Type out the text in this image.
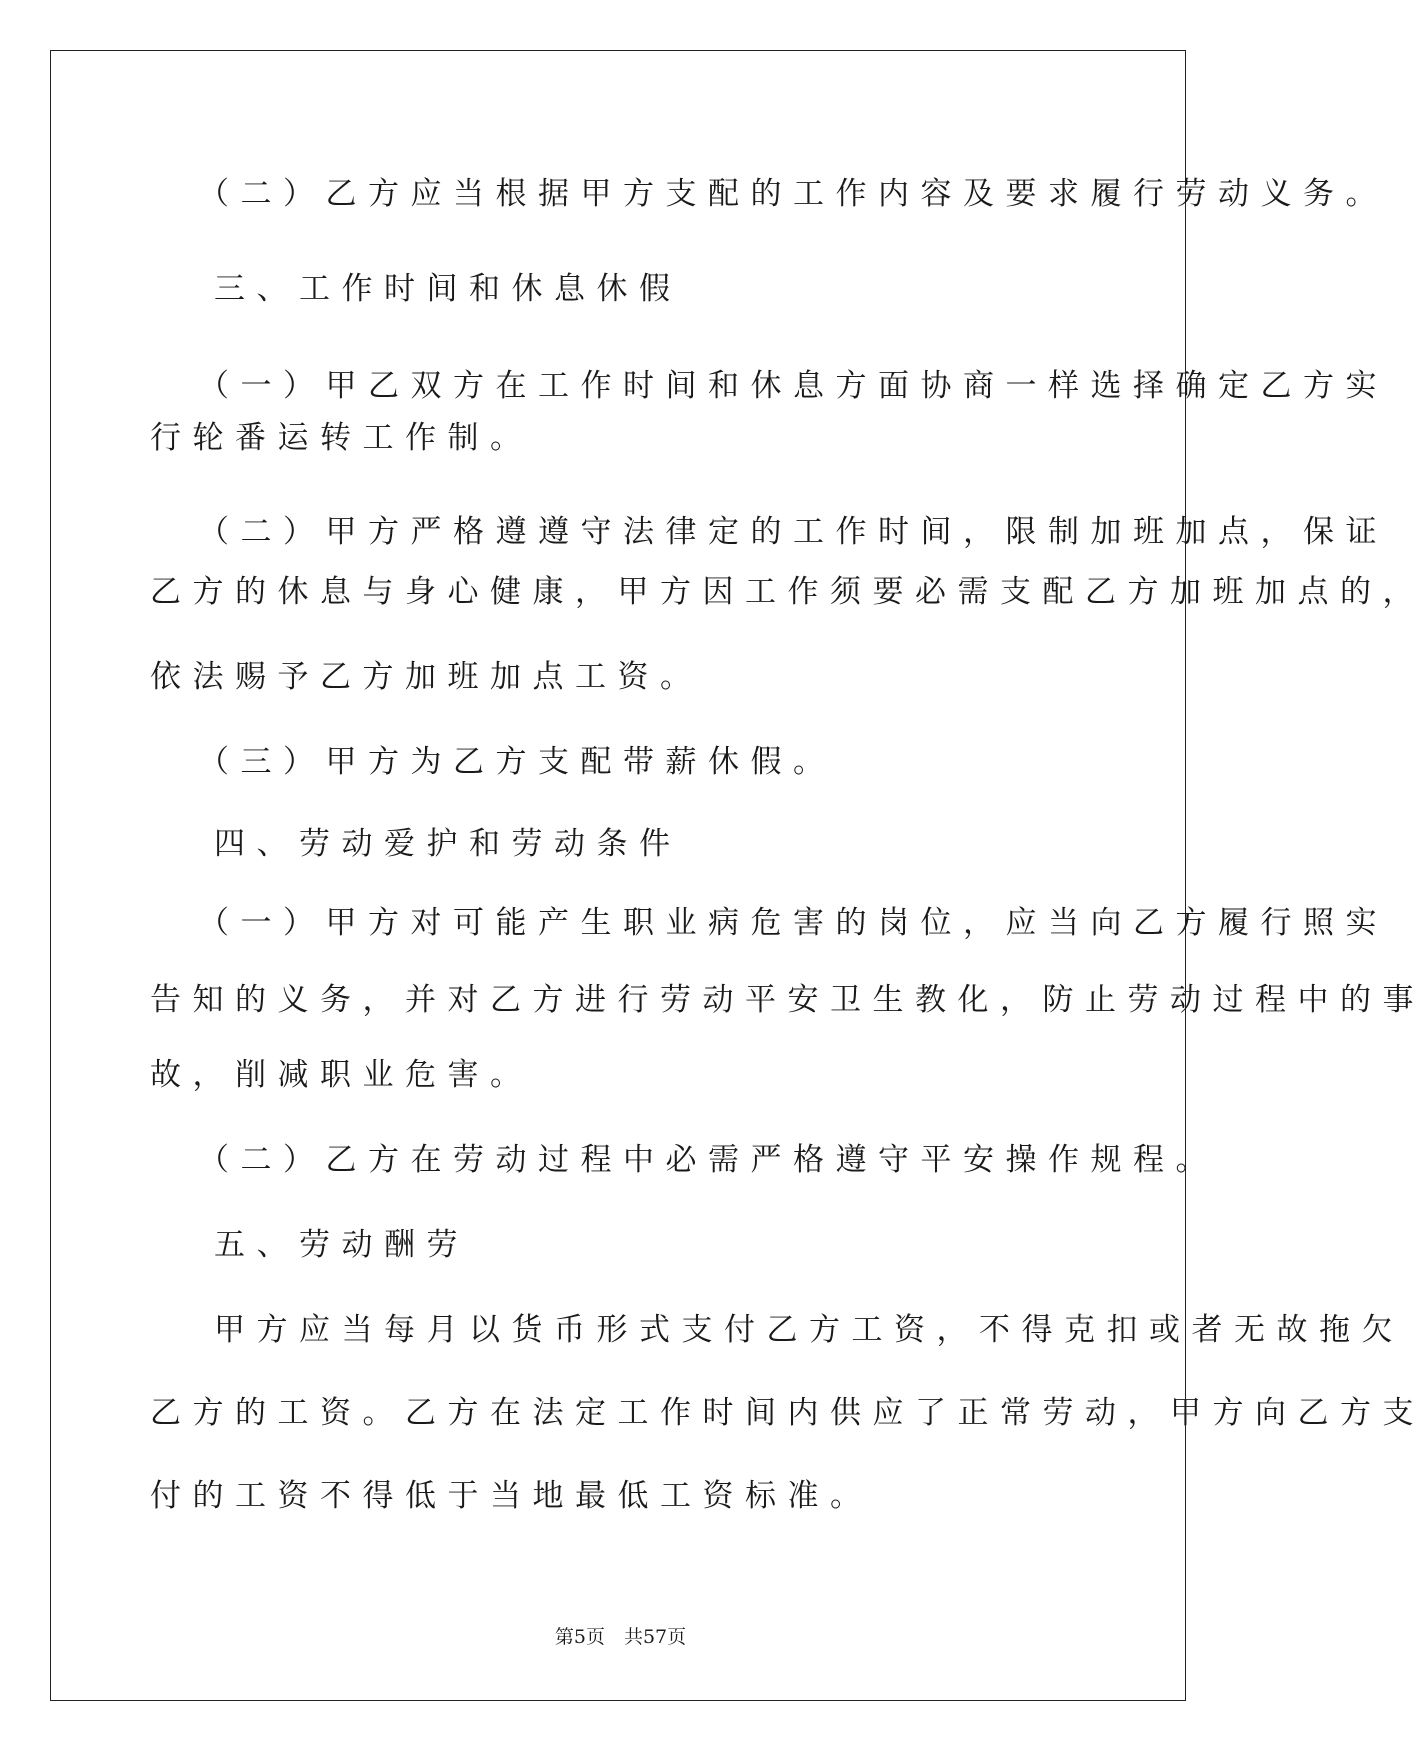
（二）乙方应当根据甲方支配的工作内容及要求履行劳动义务。
三、工作时间和休息休假
（一）甲乙双方在工作时间和休息方面协商一样选择确定乙方实
行轮番运转工作制。
（二）甲方严格遵遵守法律定的工作时间，限制加班加点，保证
乙方的休息与身心健康，甲方因工作须要必需支配乙方加班加点的，
依法赐予乙方加班加点工资。
（三）甲方为乙方支配带薪休假。
四、劳动爱护和劳动条件
（一）甲方对可能产生职业病危害的岗位，应当向乙方履行照实
告知的义务，并对乙方进行劳动平安卫生教化，防止劳动过程中的事
故，削减职业危害。
（二）乙方在劳动过程中必需严格遵守平安操作规程。
五、劳动酬劳
甲方应当每月以货币形式支付乙方工资，不得克扣或者无故拖欠
乙方的工资。乙方在法定工作时间内供应了正常劳动，甲方向乙方支
付的工资不得低于当地最低工资标准。
第5页　共57页
